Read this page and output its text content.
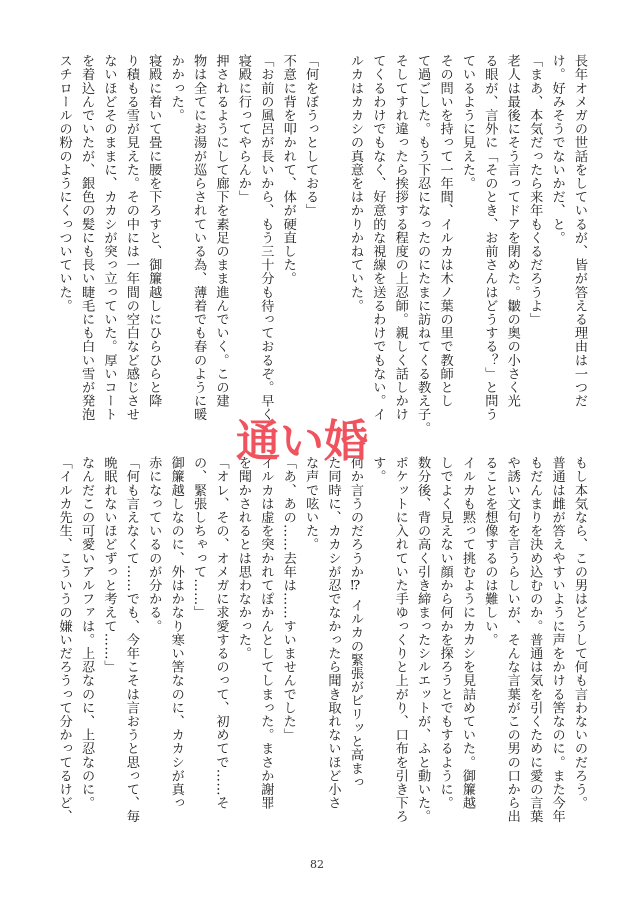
長年オメガの世話をしているが、皆が答える理由は一つだ
け。好みそうでないかだ、と。
「まあ、本気だったら来年もくるだろうよ」
老人は最後にそう言ってドアを閉めた。皺の奥の小さく光
る眼が、言外に「そのとき、お前さんはどうする？」と問う
ているように見えた。
その問いを持って一年間、イルカは木ノ葉の里で教師とし
て過ごした。もう下忍になったのにたまに訪ねてくる教え子。
そしてすれ違ったら挨拶する程度の上忍師。親しく話しかけ
てくるわけでもなく、好意的な視線を送るわけでもない。イ
ルカはカカシの真意をはかりかねていた。
「何をぼうっとしておる」
不意に背を叩かれて、体が硬直した。
「お前の風呂が長いから、もう三十分も待っておるぞ。早く
寝殿に行ってやらんか」
押されるようにして廊下を素足のまま進んでいく。この建
物は全てにお湯が巡らされている為、薄着でも春のように暖
かかった。
寝殿に着いて畳に腰を下ろすと、御簾越しにひらひらと降
り積もる雪が見えた。その中には一年間の空白など感じさせ
ないほどそのままに、カカシが突っ立っていた。厚いコート
を着込んでいたが、銀色の髪にも長い睫毛にも白い雪が発泡
スチロールの粉のようにくっついていた。
もし本気なら、この男はどうして何も言わないのだろう。
普通は雌が答えやすいように声をかける筈なのに。また今年
もだんまりを決め込むのか。普通は気を引くために愛の言葉
や誘い文句を言うらしいが、そんな言葉がこの男の口から出
ることを想像するのは難しい。
イルカも黙って挑むようにカカシを見詰めていた。御簾越
しでよく見えない顔から何かを探ろうとでもするように。
数分後、背の高く引き締まったシルエットが、ふと動いた。
ポケットに入れていた手ゆっくりと上がり、口布を引き下ろ
す。
何か言うのだろうか⁉ イルカの緊張がビリッと高まっ
た同時に、カカシが忍でなかったら聞き取れないほど小さ
な声で呟いた。
「あ、あの……去年は……すいませんでした」
イルカは虚を突かれてぽかんとしてしまった。まさか謝罪
を聞かされるとは思わなかった。
「オレ、その、オメガに求愛するのって、初めてで……そ
の、緊張しちゃって……」
御簾越しなのに、外はかなり寒い筈なのに、カカシが真っ
赤になっているのが分かる。
「何も言えなくて……でも、今年こそは言おうと思って、毎
晩眠れないほどずっと考えて……」
なんだこの可愛いアルファは。上忍なのに、上忍なのに。
「イルカ先生、こういうの嫌いだろうって分かってるけど、
通い婚
82
